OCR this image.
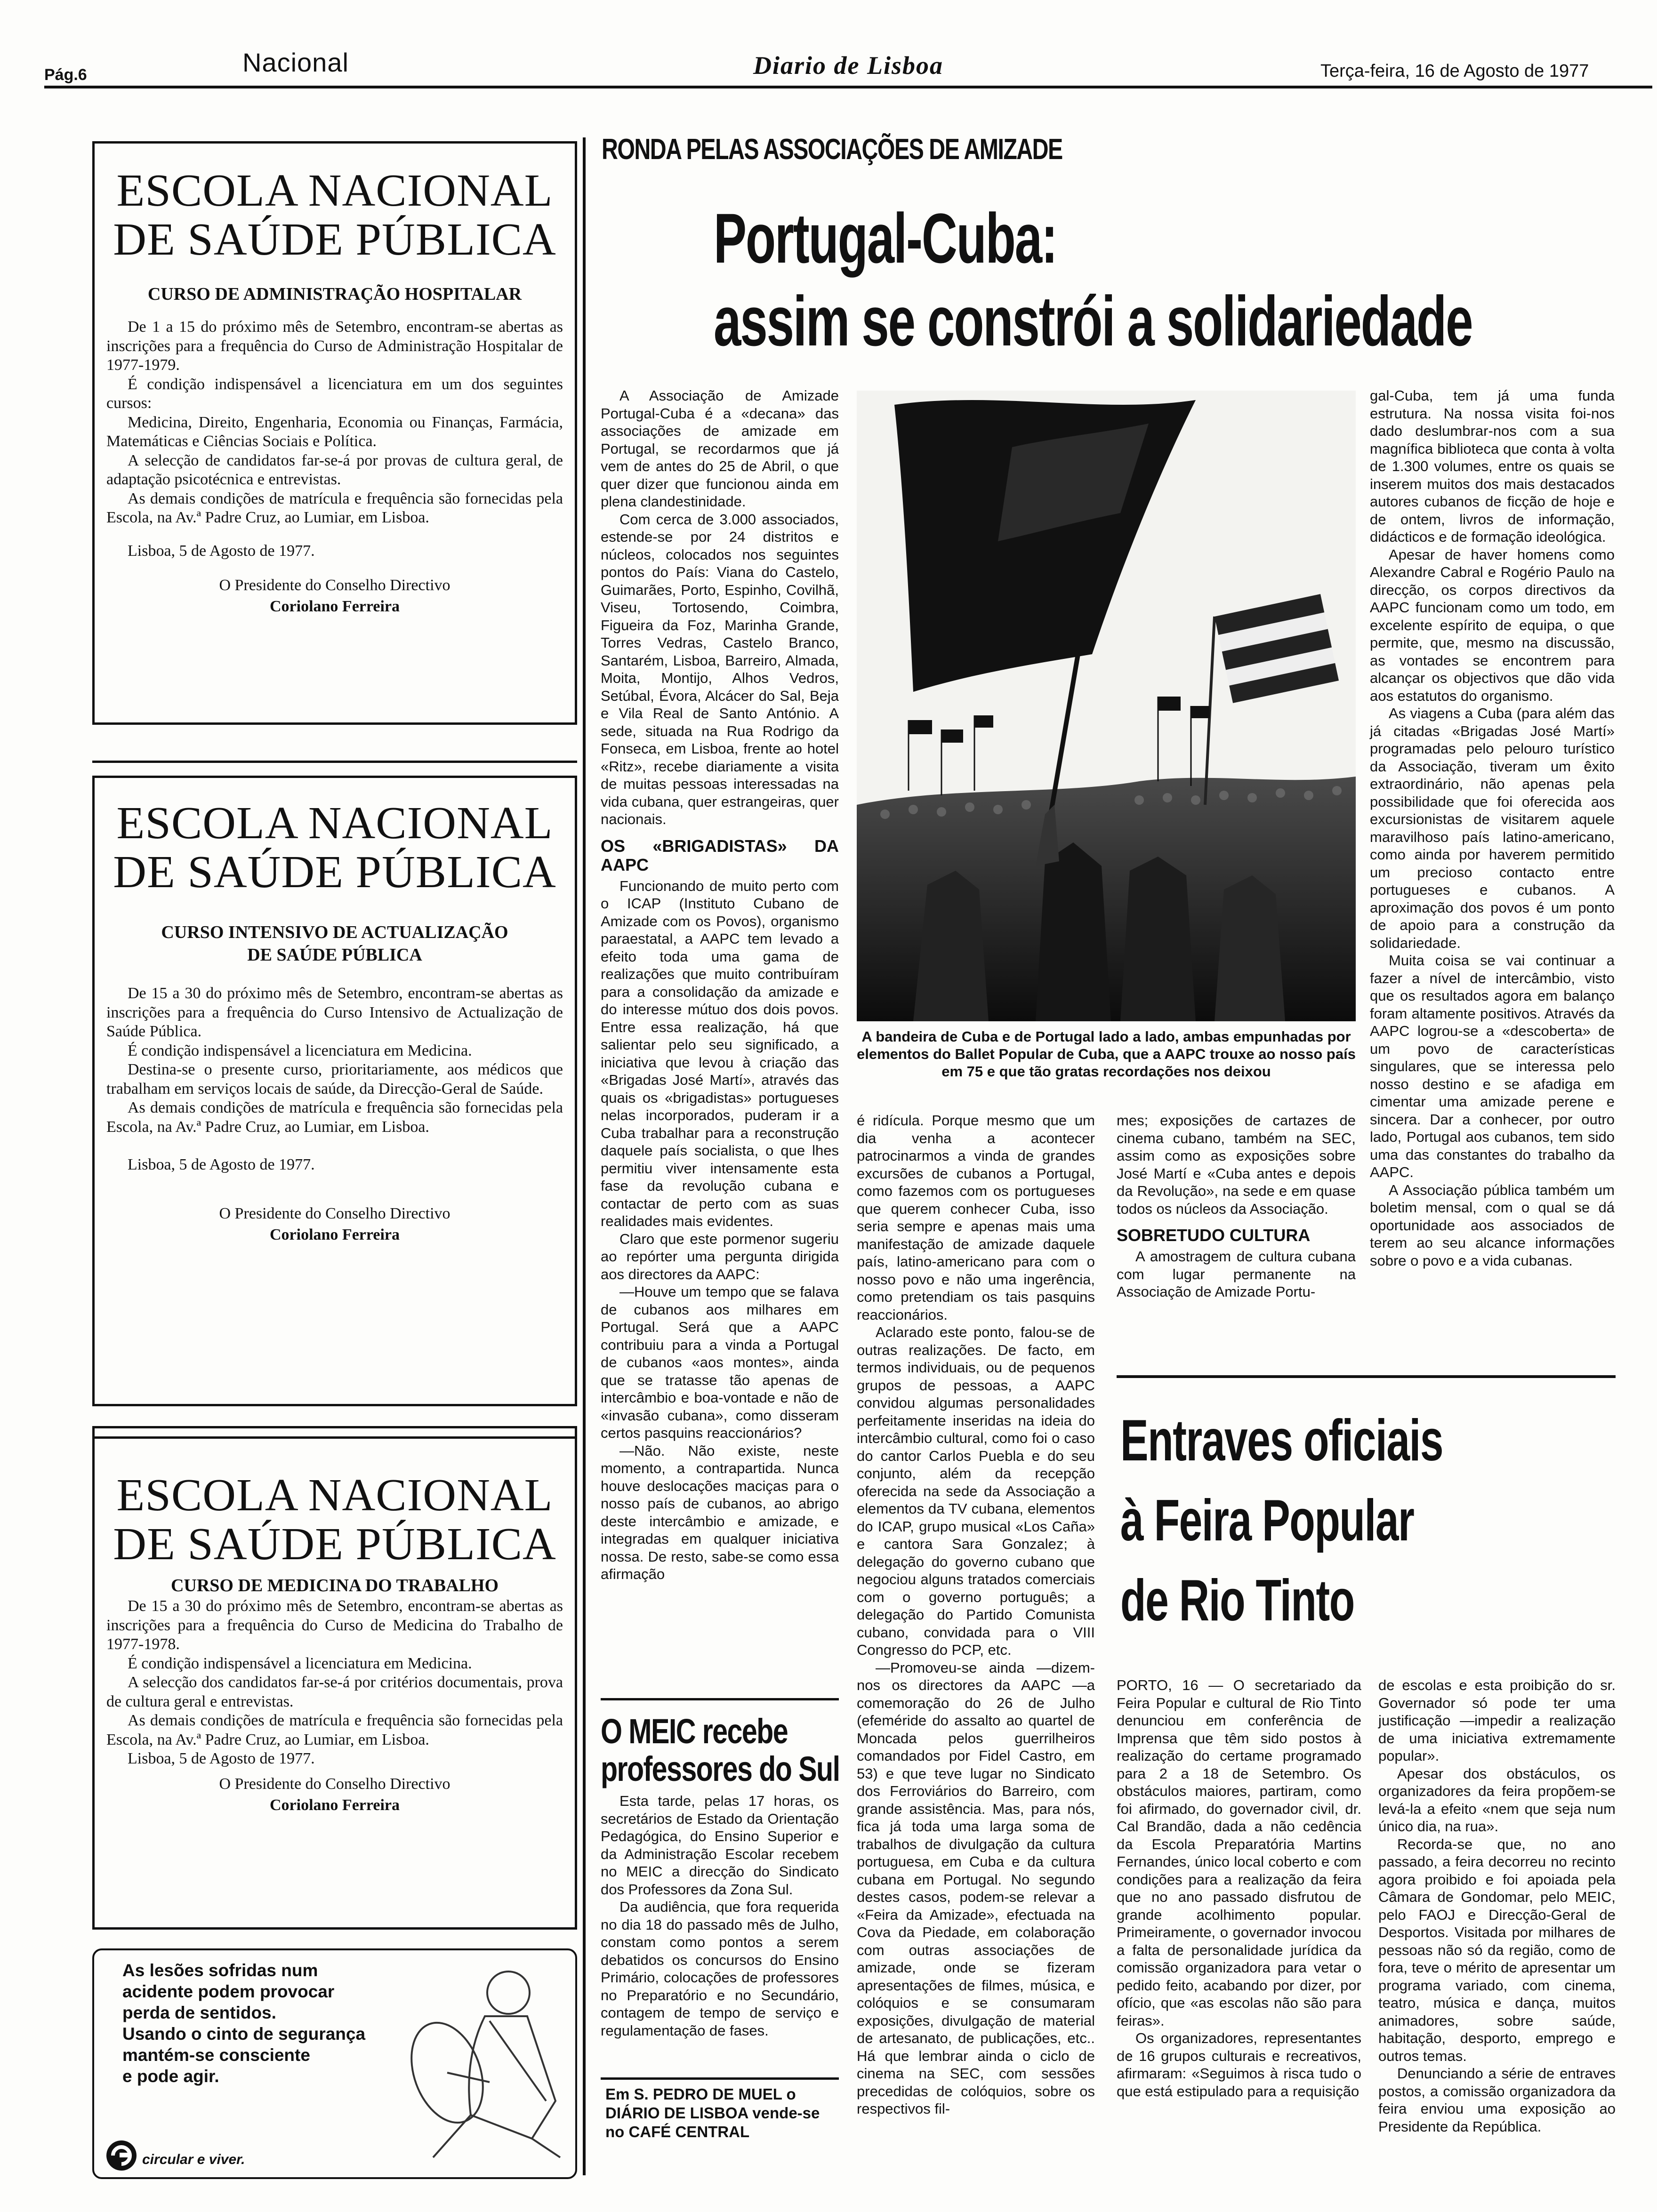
Pág.6	Nacional	Diario de Lisboa	Terça-feira, 16 de Agosto de 1977
ESCOLA NACIONAL
DE SAÚDE PÚBLICA

CURSO DE ADMINISTRAÇÃO HOSPITALAR

De 1 a 15 do próximo mês de Setembro, encontram-se abertas as inscrições para a frequência do Curso de Administração Hospitalar de 1977-1979.

É condição indispensável a licenciatura em um dos seguintes cursos:

Medicina, Direito, Engenharia, Economia ou Finanças, Farmácia, Matemáticas e Ciências Sociais e Política.

A selecção de candidatos far-se-á por provas de cultura geral, de adaptação psicotécnica e entrevistas.

As demais condições de matrícula e frequência são fornecidas pela Escola, na Av.ª Padre Cruz, ao Lumiar, em Lisboa.

Lisboa, 5 de Agosto de 1977.

O Presidente do Conselho Directivo
Coriolano Ferreira
ESCOLA NACIONAL
DE SAÚDE PÚBLICA

CURSO INTENSIVO DE ACTUALIZAÇÃO

DE SAÚDE PÚBLICA

De 15 a 30 do próximo mês de Setembro, encontram-se abertas as inscrições para a frequência do Curso Intensivo de Actualização de Saúde Pública.

É condição indispensável a licenciatura em Medicina.

Destina-se o presente curso, prioritariamente, aos médicos que trabalham em serviços locais de saúde, da Direcção-Geral de Saúde.

As demais condições de matrícula e frequência são fornecidas pela Escola, na Av.ª Padre Cruz, ao Lumiar, em Lisboa.

Lisboa, 5 de Agosto de 1977.

O Presidente do Conselho Directivo
Coriolano Ferreira
ESCOLA NACIONAL
DE SAÚDE PÚBLICA

CURSO DE MEDICINA DO TRABALHO

De 15 a 30 do próximo mês de Setembro, encontram-se abertas as inscrições para a frequência do Curso de Medicina do Trabalho de 1977-1978.

É condição indispensável a licenciatura em Medicina.

A selecção dos candidatos far-se-á por critérios documentais, prova de cultura geral e entrevistas.

As demais condições de matrícula e frequência são fornecidas pela Escola, na Av.ª Padre Cruz, ao Lumiar, em Lisboa.

Lisboa, 5 de Agosto de 1977.

O Presidente do Conselho Directivo
Coriolano Ferreira
As lesões sofridas num
acidente podem provocar
perda de sentidos.
Usando o cinto de segurança
mantém-se consciente
e pode agir.
circular e viver.
RONDA PELAS ASSOCIAÇÕES DE AMIZADE
Portugal-Cuba:
assim se constrói a solidariedade

A Associação de Amizade Portugal-Cuba é a «decana» das associações de amizade em Portugal, se recordarmos que já vem de antes do 25 de Abril, o que quer dizer que funcionou ainda em plena clandestinidade.

Com cerca de 3.000 associados, estende-se por 24 distritos e núcleos, colocados nos seguintes pontos do País: Viana do Castelo, Guimarães, Porto, Espinho, Covilhã, Viseu, Tortosendo, Coimbra, Figueira da Foz, Marinha Grande, Torres Vedras, Castelo Branco, Santarém, Lisboa, Barreiro, Almada, Moita, Montijo, Alhos Vedros, Setúbal, Évora, Alcácer do Sal, Beja e Vila Real de Santo António. A sede, situada na Rua Rodrigo da Fonseca, em Lisboa, frente ao hotel «Ritz», recebe diariamente a visita de muitas pessoas interessadas na vida cubana, quer estrangeiras, quer nacionais.

OS «BRIGADISTAS» DA AAPC

Funcionando de muito perto com o ICAP (Instituto Cubano de Amizade com os Povos), organismo paraestatal, a AAPC tem levado a efeito toda uma gama de realizações que muito contribuíram para a consolidação da amizade e do interesse mútuo dos dois povos. Entre essa realização, há que salientar pelo seu significado, a iniciativa que levou à criação das «Brigadas José Martí», através das quais os «brigadistas» portugueses nelas incorporados, puderam ir a Cuba trabalhar para a reconstrução daquele país socialista, o que lhes permitiu viver intensamente esta fase da revolução cubana e contactar de perto com as suas realidades mais evidentes.

Claro que este pormenor sugeriu ao repórter uma pergunta dirigida aos directores da AAPC:

—Houve um tempo que se falava de cubanos aos milhares em Portugal. Será que a AAPC contribuiu para a vinda a Portugal de cubanos «aos montes», ainda que se tratasse tão apenas de intercâmbio e boa-vontade e não de «invasão cubana», como disseram certos pasquins reaccionários?

—Não. Não existe, neste momento, a contrapartida. Nunca houve deslocações maciças para o nosso país de cubanos, ao abrigo deste intercâmbio e amizade, e integradas em qualquer iniciativa nossa. De resto, sabe-se como essa afirmação

A bandeira de Cuba e de Portugal lado a lado, ambas empunhadas por elementos do Ballet Popular de Cuba, que a AAPC trouxe ao nosso país em 75 e que tão gratas recordações nos deixou

é ridícula. Porque mesmo que um dia venha a acontecer patrocinarmos a vinda de grandes excursões de cubanos a Portugal, como fazemos com os portugueses que querem conhecer Cuba, isso seria sempre e apenas mais uma manifestação de amizade daquele país, latino-americano para com o nosso povo e não uma ingerência, como pretendiam os tais pasquins reaccionários.

Aclarado este ponto, falou-se de outras realizações. De facto, em termos individuais, ou de pequenos grupos de pessoas, a AAPC convidou algumas personalidades perfeitamente inseridas na ideia do intercâmbio cultural, como foi o caso do cantor Carlos Puebla e do seu conjunto, além da recepção oferecida na sede da Associação a elementos da TV cubana, elementos do ICAP, grupo musical «Los Caña» e cantora Sara Gonzalez; à delegação do governo cubano que negociou alguns tratados comerciais com o governo português; a delegação do Partido Comunista cubano, convidada para o VIII Congresso do PCP, etc.

—Promoveu-se ainda —dizem-nos os directores da AAPC —a comemoração do 26 de Julho (efeméride do assalto ao quartel de Moncada pelos guerrilheiros comandados por Fidel Castro, em 53) e que teve lugar no Sindicato dos Ferroviários do Barreiro, com grande assistência. Mas, para nós, fica já toda uma larga soma de trabalhos de divulgação da cultura portuguesa, em Cuba e da cultura cubana em Portugal. No segundo destes casos, podem-se relevar a «Feira da Amizade», efectuada na Cova da Piedade, em colaboração com outras associações de amizade, onde se fizeram apresentações de filmes, música, e colóquios e se consumaram exposições, divulgação de material de artesanato, de publicações, etc.. Há que lembrar ainda o ciclo de cinema na SEC, com sessões precedidas de colóquios, sobre os respectivos fil-

mes; exposições de cartazes de cinema cubano, também na SEC, assim como as exposições sobre José Martí e «Cuba antes e depois da Revolução», na sede e em quase todos os núcleos da Associação.

SOBRETUDO CULTURA

A amostragem de cultura cubana com lugar permanente na Associação de Amizade Portu-

gal-Cuba, tem já uma funda estrutura. Na nossa visita foi-nos dado deslumbrar-nos com a sua magnífica biblioteca que conta à volta de 1.300 volumes, entre os quais se inserem muitos dos mais destacados autores cubanos de ficção de hoje e de ontem, livros de informação, didácticos e de formação ideológica.

Apesar de haver homens como Alexandre Cabral e Rogério Paulo na direcção, os corpos directivos da AAPC funcionam como um todo, em excelente espírito de equipa, o que permite, que, mesmo na discussão, as vontades se encontrem para alcançar os objectivos que dão vida aos estatutos do organismo.

As viagens a Cuba (para além das já citadas «Brigadas José Martí» programadas pelo pelouro turístico da Associação, tiveram um êxito extraordinário, não apenas pela possibilidade que foi oferecida aos excursionistas de visitarem aquele maravilhoso país latino-americano, como ainda por haverem permitido um precioso contacto entre portugueses e cubanos. A aproximação dos povos é um ponto de apoio para a construção da solidariedade.

Muita coisa se vai continuar a fazer a nível de intercâmbio, visto que os resultados agora em balanço foram altamente positivos. Através da AAPC logrou-se a «descoberta» de um povo de características singulares, que se interessa pelo nosso destino e se afadiga em cimentar uma amizade perene e sincera. Dar a conhecer, por outro lado, Portugal aos cubanos, tem sido uma das constantes do trabalho da AAPC.

A Associação pública também um boletim mensal, com o qual se dá oportunidade aos associados de terem ao seu alcance informações sobre o povo e a vida cubanas.

O MEIC recebe
professores do Sul

Esta tarde, pelas 17 horas, os secretários de Estado da Orientação Pedagógica, do Ensino Superior e da Administração Escolar recebem no MEIC a direcção do Sindicato dos Professores da Zona Sul.

Da audiência, que fora requerida no dia 18 do passado mês de Julho, constam como pontos a serem debatidos os concursos do Ensino Primário, colocações de professores no Preparatório e no Secundário, contagem de tempo de serviço e regulamentação de fases.

Em S. PEDRO DE MUEL o DIÁRIO DE LISBOA vende-se no CAFÉ CENTRAL
Entraves oficiais
à Feira Popular
de Rio Tinto

PORTO, 16 — O secretariado da Feira Popular e cultural de Rio Tinto denunciou em conferência de Imprensa que têm sido postos à realização do certame programado para 2 a 18 de Setembro. Os obstáculos maiores, partiram, como foi afirmado, do governador civil, dr. Cal Brandão, dada a não cedência da Escola Preparatória Martins Fernandes, único local coberto e com condições para a realização da feira que no ano passado disfrutou de grande acolhimento popular. Primeiramente, o governador invocou a falta de personalidade jurídica da comissão organizadora para vetar o pedido feito, acabando por dizer, por ofício, que «as escolas não são para feiras».

Os organizadores, representantes de 16 grupos culturais e recreativos, afirmaram: «Seguimos à risca tudo o que está estipulado para a requisição

de escolas e esta proibição do sr. Governador só pode ter uma justificação —impedir a realização de uma iniciativa extremamente popular».

Apesar dos obstáculos, os organizadores da feira propõem-se levá-la a efeito «nem que seja num único dia, na rua».

Recorda-se que, no ano passado, a feira decorreu no recinto agora proibido e foi apoiada pela Câmara de Gondomar, pelo MEIC, pelo FAOJ e Direcção-Geral de Desportos. Visitada por milhares de pessoas não só da região, como de fora, teve o mérito de apresentar um programa variado, com cinema, teatro, música e dança, muitos animadores, sobre saúde, habitação, desporto, emprego e outros temas.

Denunciando a série de entraves postos, a comissão organizadora da feira enviou uma exposição ao Presidente da República.
